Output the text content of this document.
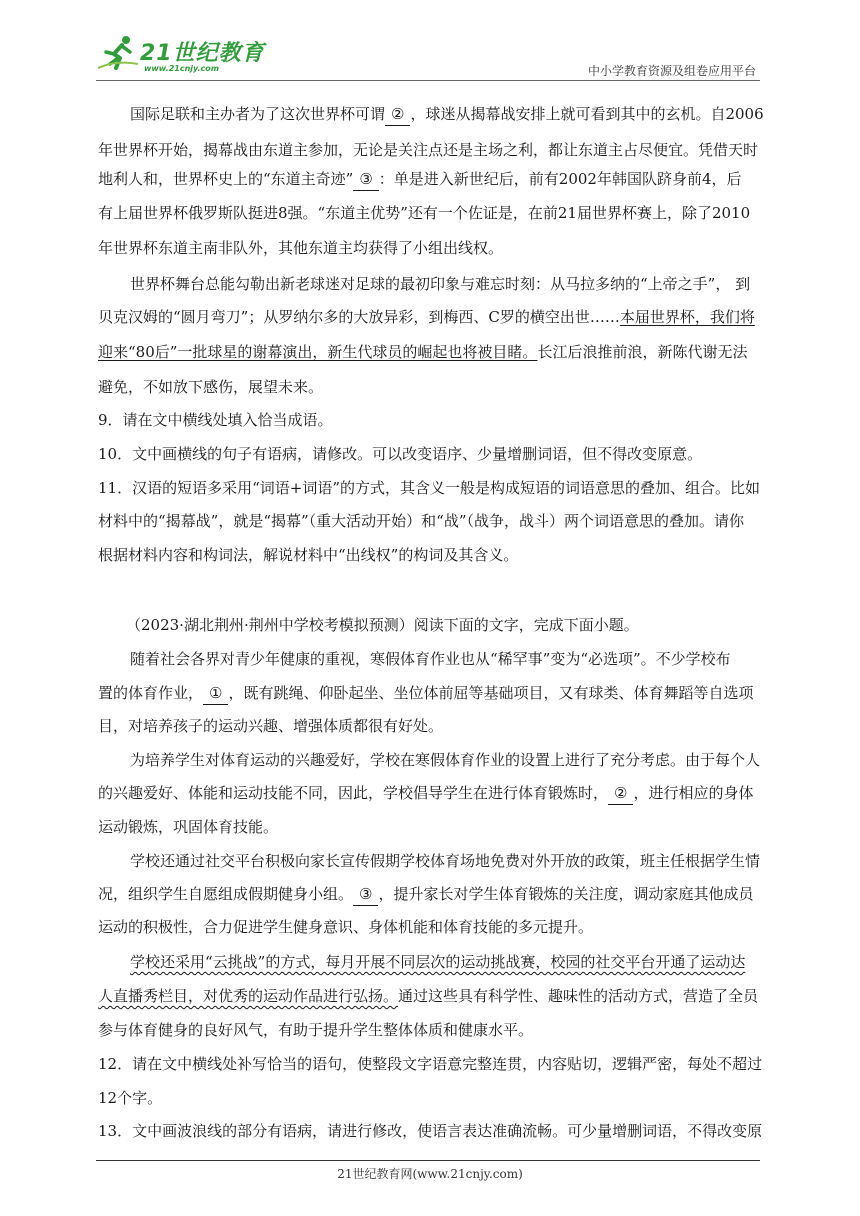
21世纪教育
www.21cnjy.com	中小学教育资源及组卷应用平台
国际足联和主办者为了这次世界杯可谓 ② ，球迷从揭幕战安排上就可看到其中的玄机。自2006
年世界杯开始，揭幕战由东道主参加，无论是关注点还是主场之利，都让东道主占尽便宜。凭借天时
地利人和，世界杯史上的“东道主奇迹” ③ ：单是进入新世纪后，前有2002年韩国队跻身前4，后
有上届世界杯俄罗斯队挺进8强。“东道主优势”还有一个佐证是，在前21届世界杯赛上，除了2010
年世界杯东道主南非队外，其他东道主均获得了小组出线权。
世界杯舞台总能勾勒出新老球迷对足球的最初印象与难忘时刻：从马拉多纳的“上帝之手”， 到
贝克汉姆的“圆月弯刀”；从罗纳尔多的大放异彩，到梅西、C罗的横空出世……本届世界杯，我们将
迎来“80后”一批球星的谢幕演出，新生代球员的崛起也将被目睹。长江后浪推前浪，新陈代谢无法
避免，不如放下感伤，展望未来。
9．请在文中横线处填入恰当成语。
10．文中画横线的句子有语病，请修改。可以改变语序、少量增删词语，但不得改变原意。
11．汉语的短语多采用“词语+词语”的方式，其含义一般是构成短语的词语意思的叠加、组合。比如
材料中的“揭幕战”，就是“揭幕”（重大活动开始）和“战”（战争，战斗）两个词语意思的叠加。请你
根据材料内容和构词法，解说材料中“出线权”的构词及其含义。
（2023·湖北荆州·荆州中学校考模拟预测）阅读下面的文字，完成下面小题。
随着社会各界对青少年健康的重视，寒假体育作业也从“稀罕事”变为“必选项”。不少学校布
置的体育作业， ① ，既有跳绳、仰卧起坐、坐位体前屈等基础项目，又有球类、体育舞蹈等自选项
目，对培养孩子的运动兴趣、增强体质都很有好处。
为培养学生对体育运动的兴趣爱好，学校在寒假体育作业的设置上进行了充分考虑。由于每个人
的兴趣爱好、体能和运动技能不同，因此，学校倡导学生在进行体育锻炼时， ② ，进行相应的身体
运动锻炼，巩固体育技能。
学校还通过社交平台积极向家长宣传假期学校体育场地免费对外开放的政策，班主任根据学生情
况，组织学生自愿组成假期健身小组。 ③ ，提升家长对学生体育锻炼的关注度，调动家庭其他成员
运动的积极性，合力促进学生健身意识、身体机能和体育技能的多元提升。
学校还采用“云挑战”的方式，每月开展不同层次的运动挑战赛，校园的社交平台开通了运动达
人直播秀栏目，对优秀的运动作品进行弘扬。通过这些具有科学性、趣味性的活动方式，营造了全员
参与体育健身的良好风气，有助于提升学生整体体质和健康水平。
12．请在文中横线处补写恰当的语句，使整段文字语意完整连贯，内容贴切，逻辑严密，每处不超过
12个字。
13．文中画波浪线的部分有语病，请进行修改，使语言表达准确流畅。可少量增删词语，不得改变原
21世纪教育网(www.21cnjy.com)
